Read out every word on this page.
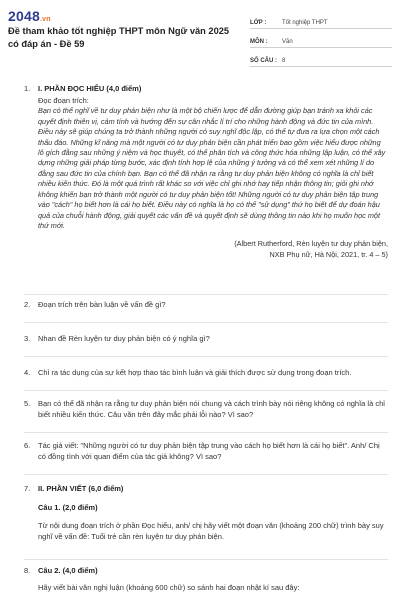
2048.vn
Đề tham khảo tốt nghiệp THPT môn Ngữ văn 2025 có đáp án - Đề 59
LỚP :	Tốt nghiệp THPT
MÔN :	Văn
SỐ CÂU : 8
1. I. PHẦN ĐỌC HIỂU (4,0 điểm)
Đọc đoạn trích:
Bạn có thể nghĩ về tư duy phản biện như là một bộ chiến lược để dẫn đường giúp bạn tránh xa khỏi các quyết định thiên vị, cảm tính và hướng đến sự cân nhắc lí trí cho những hành động và đức tin của mình. Điều này sẽ giúp chúng ta trở thành những người có suy nghĩ độc lập, có thể tự đưa ra lựa chọn một cách thấu đáo. Những kĩ năng mà một người có tư duy phản biện cần phát triển bao gồm việc hiểu được những lô gích đằng sau những ý niệm và học thuyết, có thể phân tích và công thức hóa những lập luận, có thể xây dựng những giải pháp từng bước, xác định tính hợp lệ của những ý tưởng và có thể xem xét những lí do đằng sau đức tin của chính bạn. Bạn có thể đã nhận ra rằng tư duy phản biện không có nghĩa là chỉ biết nhiều kiến thức. Đó là một quá trình rất khác so với việc chỉ ghi nhớ hay tiếp nhận thông tin; giỏi ghi nhớ không khiến bạn trở thành một người có tư duy phản biện tốt! Những người có tư duy phản biện tập trung vào "cách" họ biết hơn là cái họ biết. Điều này có nghĩa là họ có thể "sử dụng" thứ họ biết để dự đoán hậu quả của chuỗi hành động, giải quyết các vấn đề và quyết định sẽ dùng thông tin nào khi họ muốn học một thứ mới.
(Albert Rutherford, Rèn luyện tư duy phản biện,
NXB Phụ nữ, Hà Nội, 2021, tr. 4 – 5)
2. Đoạn trích trên bàn luận về vấn đề gì?
3. Nhan đề Rèn luyện tư duy phản biện có ý nghĩa gì?
4. Chỉ ra tác dụng của sự kết hợp thao tác bình luận và giải thích được sử dụng trong đoạn trích.
5. Bạn có thể đã nhận ra rằng tư duy phản biện nói chung và cách trình bày nói riêng không có nghĩa là chỉ biết nhiều kiến thức. Câu văn trên đây mắc phải lỗi nào? Vì sao?
6. Tác giả viết: "Những người có tư duy phản biện tập trung vào cách họ biết hơn là cái họ biết". Anh/ Chị có đồng tình với quan điểm của tác giả không? Vì sao?
7. II. PHẦN VIẾT (6,0 điểm)
Câu 1. (2,0 điểm)
Từ nội dung đoạn trích ở phần Đọc hiểu, anh/ chị hãy viết một đoạn văn (khoảng 200 chữ) trình bày suy nghĩ về vấn đề: Tuổi trẻ cần rèn luyện tư duy phản biện.
8. Câu 2. (4,0 điểm)
Hãy viết bài văn nghị luận (khoảng 600 chữ) so sánh hai đoạn nhật kí sau đây:
